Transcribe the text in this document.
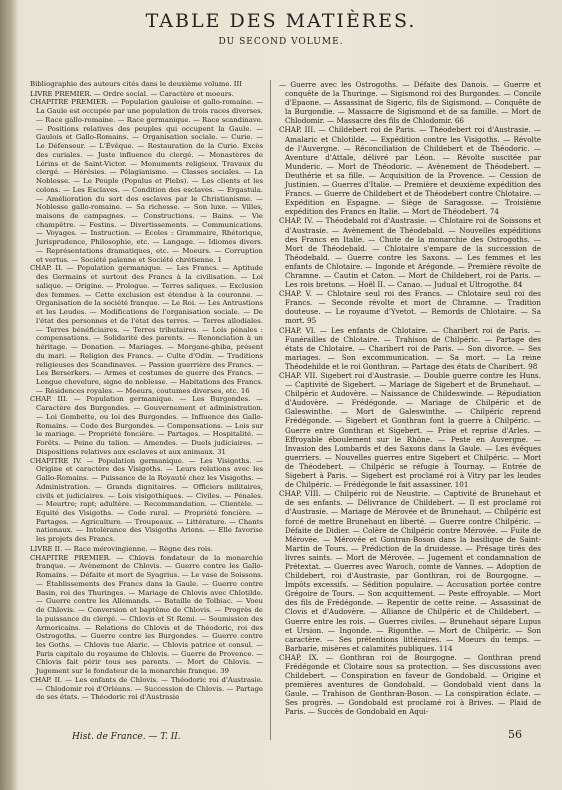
TABLE DES MATIÈRES.
DU SECOND VOLUME.

Bibliographie des auteurs cités dans le deuxième volume. III

LIVRE PREMIER. — Ordre social. — Caractère et moeurs.

CHAPITRE PREMIER. — Population gauloise et gallo-romaine. — La Gaule est occupée par une population de trois races diverses. — Race gallo-romaine. — Race germanique. — Race scandinave. — Positions relatives des peuples qui occupent la Gaule. — Gaulois et Gallo-Romains. — Organisation sociale. — Curie. — Le Défenseur. — L'Évêque. — Restauration de la Curie. Excès des curiales. — Juste influence du clergé. — Monastères de Lérins et de Saint-Victor. — Monuments religieux. Travaux du clergé. — Hérésies. — Pélagianisme. — Classes sociales. — La Noblesse. — Le Peuple (Populus et Plebs). — Les clients et les colons. — Les Esclaves. — Condition des esclaves. — Ergastula. — Amélioration du sort des esclaves par le Christianisme. — Noblesse gallo-romaine. — Sa richesse. — Son luxe. — Villes, maisons de campagnes. — Constructions. — Bains. — Vie champêtre. — Festins. — Divertissements. — Communications. — Voyages. — Instruction. — Écoles : Grammaire, Rhétorique, Jurisprudence, Philosophie, etc. — Langage. — Idiomes divers. — Représentations dramatiques, etc. — Moeurs. — Corruption et vertus. — Société païenne et Société chrétienne. 1

CHAP. II. — Population germanique. — Les Francs. — Aptitude des Germains et surtout des Francs à la civilisation. — Loi salique. — Origine. — Prologue. — Terres saliques. — Exclusion des femmes. — Cette exclusion est étendue à la couronne. — Organisation de la société franque. — Le Roi. — Les Antrustions et les Leudes. — Modifications de l'organisation sociale. — De l'état des personnes et de l'état des terres. — Terres allodiales. — Terres bénéficiaires. — Terres tributaires. — Lois pénales : compensations. — Solidarité des parents. — Renonciation à un héritage. — Donation. — Mariages. — Morgane-ghiba, présent du mari. — Religion des Francs. — Culte d'Odin. — Traditions religieuses des Scandinaves. — Passion guerrière des Francs. — Les Berserkers. — Armes et costumes de guerre des Francs. — Longue chevelure, signe de noblesse. — Habitations des Francs. — Résidences royales. — Moeurs, coutumes diverses, etc. 16

CHAP. III. — Population germanique. — Les Burgondes. — Caractère des Burgondes. — Gouvernement et administration. — Loi Gombette, ou loi des Burgondes. — Influence des Gallo-Romains. — Code des Burgondes. — Compensations. — Lois sur le mariage. — Propriété foncière. — Partages. — Hospitalité. — Forêts. — Peine du talion. — Amendes. — Duels judiciaires. — Dispositions relatives aux esclaves et aux animaux. 31

CHAPITRE IV. — Population germanique. — Les Visigoths. — Origine et caractère des Visigoths. — Leurs relations avec les Gallo-Romains. — Puissance de la Royauté chez les Visigoths. — Administration. — Grands dignitaires. — Officiers militaires, civils et judiciaires. — Lois visigothiques. — Civiles. — Pénales. — Meurtre; rapt; adultère. — Recommandation. — Clientèle. — Equité des Visigoths. — Code rural. — Propriété foncière. — Partages. — Agriculture. — Troupeaux. — Littérature. — Chants nationaux. — Intolérance des Visigoths Ariens. — Elle favorise les projets des Francs.

LIVRE II. — Race mérovingienne. — Règne des rois.

CHAPITRE PREMIER. — Chlovis fondateur de la monarchie franque. — Avènement de Chlovis. — Guerre contre les Gallo-Romains. — Défaite et mort de Syagrius. — Le vase de Soissons. — Établissements des Francs dans la Gaule. — Guerre contre Basin, roi des Thuringes. — Mariage de Chlovis avec Chlotilde. — Guerre contre les Allemands. — Bataille de Tolbiac. — Voeu de Chlovis. — Conversion et baptême de Chlovis. — Progrès de la puissance du clergé. — Chlovis et St Remi. — Soumission des Armoricains. — Relations de Chlovis et de Théodoric, roi des Ostrogoths. — Guerre contre les Burgondes. — Guerre contre les Goths. — Chlovis tue Alaric. — Chlovis patrice et consul. — Paris capitale du royaume de Chlovis. — Guerre de Provence. — Chlovis fait périr tous ses parents. — Mort de Chlovis. — Jugement sur le fondateur de la monarchie franque. 39

CHAP. II. — Les enfants de Chlovis. — Théodoric roi d'Austrasie. — Chlodomir roi d'Orléans. — Succession de Chlovis. — Partage de ses états. — Théodoric roi d'Austrasie

— Guerre avec les Ostrogoths. — Défaite des Danois. — Guerre et conquête de la Thuringe. — Sigismond roi des Burgondes. — Concile d'Epaone. — Assassinat de Sigeric, fils de Sigismond. — Conquête de la Burgondie. — Massacre de Sigismond et de sa famille. — Mort de Chlodomir. — Massacre des fils de Chlodomir. 66

CHAP. III. — Childebert roi de Paris. — Théodebert roi d'Austrasie. — Amalaric et Chlotilde. — Expédition contre les Visigoths. — Révolte de l'Auvergne. — Réconciliation de Childebert et de Théodoric. — Aventure d'Attale, délivré par Léon. — Révolte suscitée par Munderic. — Mort de Théodoric. — Avènement de Théodebert. — Deuthérie et sa fille. — Acquisition de la Provence. — Cession de Justinien. — Guerres d'Italie. — Première et deuxième expédition des Francs. — Guerre de Childebert et de Théodebert contre Chlotaire. — Expédition en Espagne. — Siège de Saragosse. — Troisième expédition des Francs en Italie. — Mort de Théodebert. 74

CHAP. IV. — Théodebald roi d'Austrasie. — Chlotaire roi de Soissons et d'Austrasie. — Avènement de Théodebald. — Nouvelles expéditions des Francs en Italie. — Chute de la monarchie des Ostrogoths. — Mort de Théodebald. — Chlotaire s'empare de la succession de Théodebald. — Guerre contre les Saxons. — Les femmes et les enfants de Chlotaire. — Ingonde et Arégonde. — Première révolte de Chramne. — Cautin et Caton. — Mort de Childebert, roi de Paris. — Les rois bretons. — Hoël II. — Canao. — Judual et Ultrogothe. 84

CHAP. V. — Chlotaire seul roi des Francs. — Chlotaire seul roi des Francs. — Seconde révolte et mort de Chramne. — Tradition douteuse. — Le royaume d'Yvetot. — Remords de Chlotaire. — Sa mort. 95

CHAP. VI. — Les enfants de Chlotaire. — Charibert roi de Paris. — Funérailles de Chlotaire. — Trahison de Chilpéric. — Partage des états de Chlotaire. — Charibert roi de Paris. — Son divorce. — Ses mariages. — Son excommunication. — Sa mort. — La reine Théodehilde et le roi Gonthran. — Partage des états de Charibert. 98

CHAP. VII. Sigebert roi d'Austrasie. — Double guerre contre les Huns. — Captivité de Sigebert. — Mariage de Sigebert et de Brunehaut. — Chilpéric et Audovère. — Naissance de Childeswinde. — Répudiation d'Audovère. — Frédégonde. — Mariage de Chilpéric et de Galeswinthe. — Mort de Galeswinthe. — Chilpéric reprend Frédégonde. — Sigebert et Gonthran font la guerre à Chilpéric. — Guerre entre Gonthran et Sigebert. — Prise et reprise d'Arles. — Effroyable éboulement sur le Rhône. — Peste en Auvergne. — Invasion des Lombards et des Saxons dans la Gaule. — Les évêques guerriers. — Nouvelles guerres entre Sigebert et Chilpéric. — Mort de Théodebert. — Chilpéric se réfugie à Tournay. — Entrée de Sigebert à Paris. — Sigebert est proclamé roi à Vitry par les leudes de Chilpéric. — Frédégonde le fait assassiner. 101

CHAP. VIII. — Chilpéric roi de Neustrie. — Captivité de Brunehaut et de ses enfants. — Délivrance de Childebert. — Il est proclamé roi d'Austrasie. — Mariage de Mérovée et de Brunehaut. — Chilpéric est forcé de mettre Brunehaut en liberté. — Guerre contre Chilpéric. — Défaite de Didier. — Colère de Chilpéric contre Mérovée. — Fuite de Mérovée. — Mérovée et Gontran-Boson dans la basilique de Saint-Martin de Tours. — Prédiction de la druidesse. — Présage tirés des livres saints. — Mort de Mérovée. — Jugement et condamnation de Prétextat. — Guerres avec Waroch, comte de Vannes. — Adoption de Childebert, roi d'Austrasie, par Gonthran, roi de Bourgogne. — Impôts excessifs. — Sédition populaire. — Accusation portée contre Grégoire de Tours. — Son acquittement. — Peste effroyable. — Mort des fils de Frédégonde. — Repentir de cette reine. — Assassinat de Clovis et d'Audovère. — Alliance de Chilpéric et de Childebert. — Guerre entre les rois. — Guerres civiles. — Brunehaut sépare Lupus et Ursion. — Ingonde. — Rigonthe. — Mort de Chilpéric. — Son caractère. — Ses prétentions littéraires. — Moeurs du temps. — Barbarie, misères et calamités publiques. 114

CHAP. IX. — Gonthran roi de Bourgogne. — Gonthran prend Frédégonde et Clotaire sous sa protection. — Ses discussions avec Childebert. — Conspiration en faveur de Gondobald. — Origine et premières aventures de Gondobald. — Gondobald vient dans la Gaule. — Trahison de Gonthran-Boson. — La conspiration éclate. — Ses progrès. — Gondobald est proclamé roi à Brives. — Plaid de Paris. — Succès de Gondobald en Aqui-

Hist. de France. — T. II.	56
